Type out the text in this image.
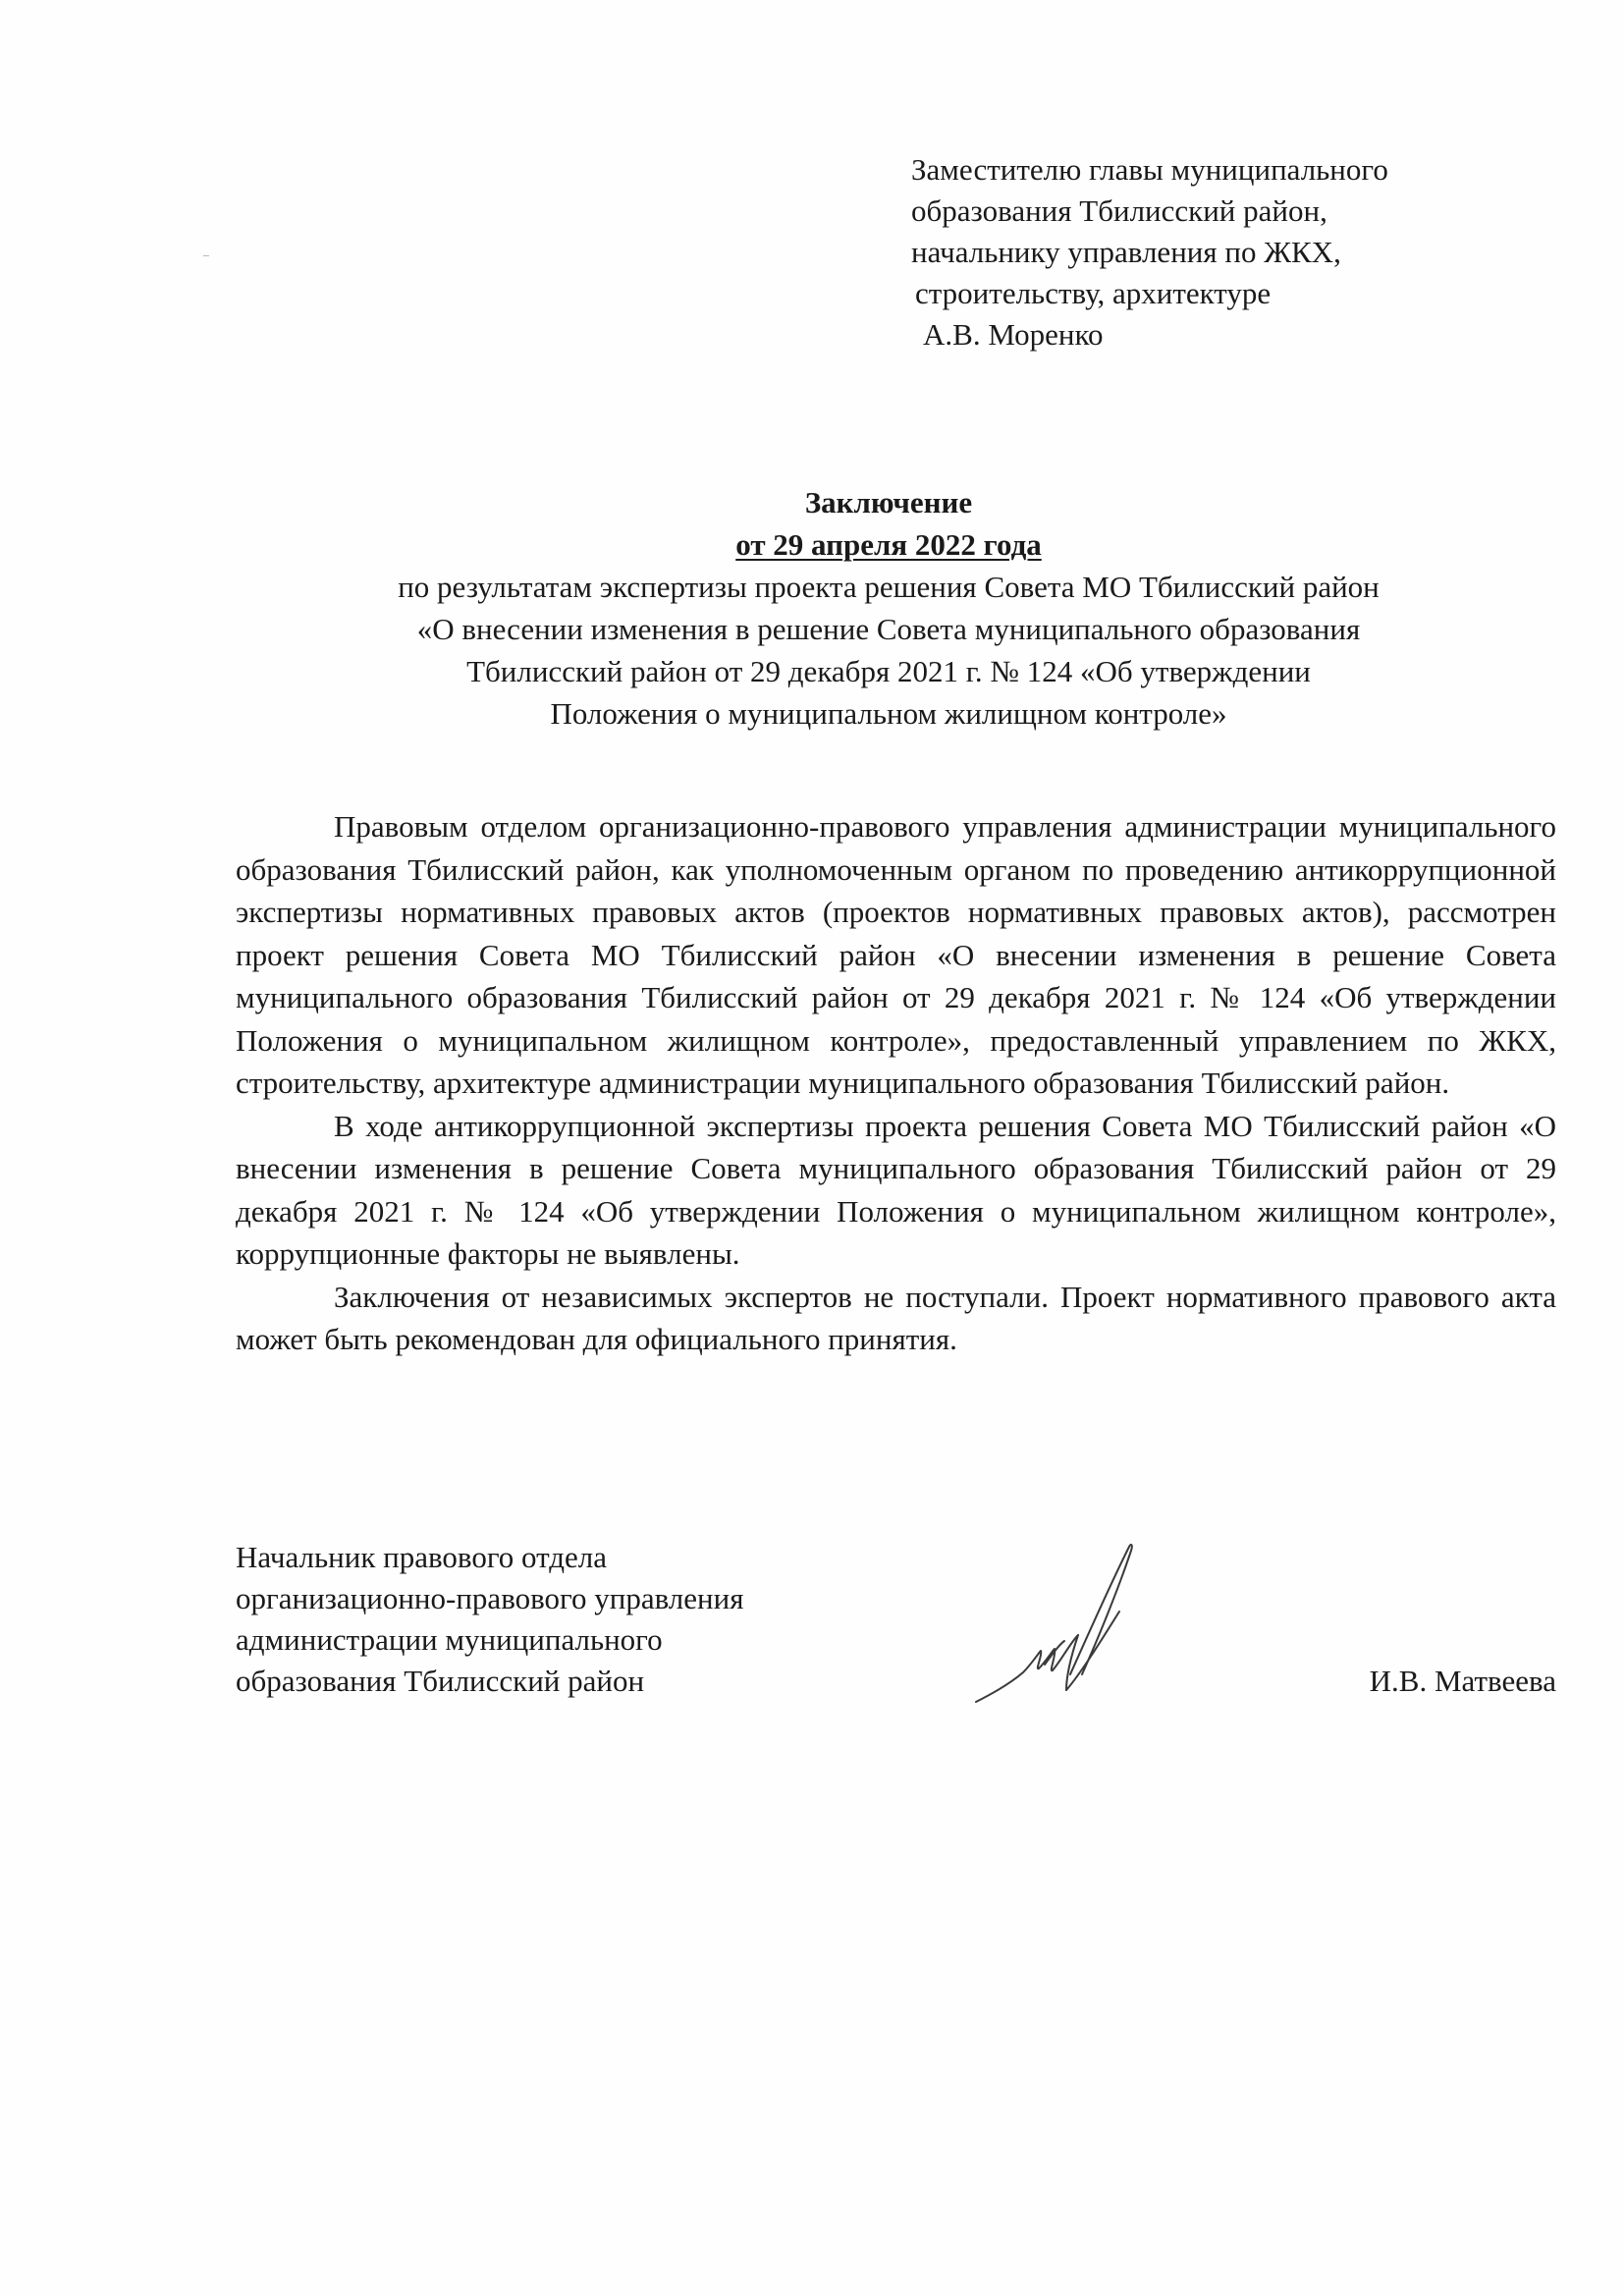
Заместителю главы муниципального
образования Тбилисский район,
начальнику управления по ЖКХ,
строительству, архитектуре
А.В. Моренко
Заключение
от 29 апреля 2022 года
по результатам экспертизы проекта решения Совета МО Тбилисский район
«О внесении изменения в решение Совета муниципального образования
Тбилисский район от 29 декабря 2021 г. № 124 «Об утверждении
Положения о муниципальном жилищном контроле»

Правовым отделом организационно-правового управления администрации муниципального образования Тбилисский район, как уполномоченным органом по проведению антикоррупционной экспертизы нормативных правовых актов (проектов нормативных правовых актов), рассмотрен проект решения Совета МО Тбилисский район «О внесении изменения в решение Совета муниципального образования Тбилисский район от 29 декабря 2021 г. № 124 «Об утверждении Положения о муниципальном жилищном контроле», предоставленный управлением по ЖКХ, строительству, архитектуре администрации муниципального образования Тбилисский район.

В ходе антикоррупционной экспертизы проекта решения Совета МО Тбилисский район «О внесении изменения в решение Совета муниципального образования Тбилисский район от 29 декабря 2021 г. № 124 «Об утверждении Положения о муниципальном жилищном контроле», коррупционные факторы не выявлены.

Заключения от независимых экспертов не поступали. Проект нормативного правового акта может быть рекомендован для официального принятия.

Начальник правового отдела
организационно-правового управления
администрации муниципального
образования Тбилисский район	И.В. Матвеева
